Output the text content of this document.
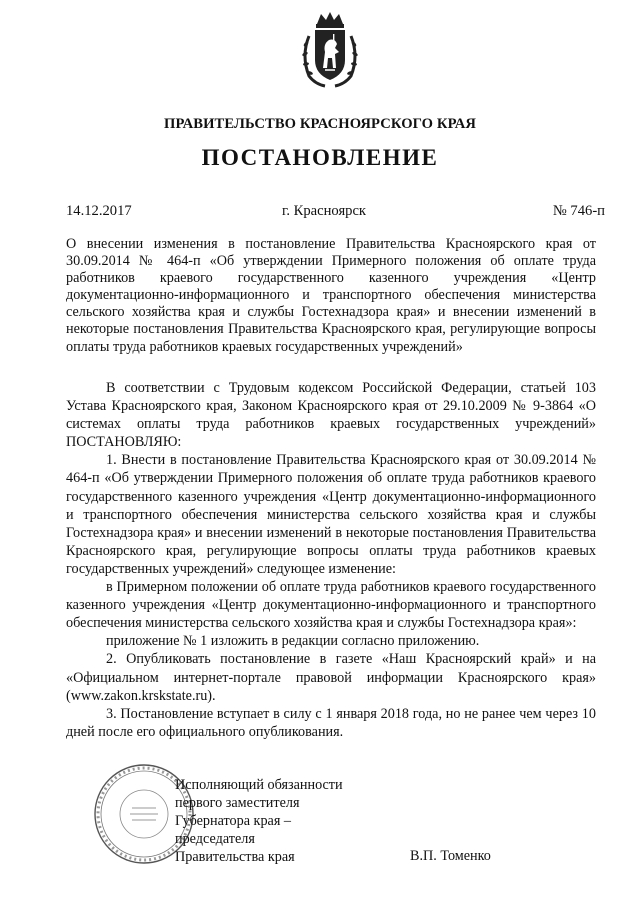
ПРАВИТЕЛЬСТВО КРАСНОЯРСКОГО КРАЯ
ПОСТАНОВЛЕНИЕ
14.12.2017	г. Красноярск	№ 746-п
О внесении изменения в постановление Правительства Красноярского края от 30.09.2014 № 464-п «Об утверждении Примерного положения об оплате труда работников краевого государственного казенного учреждения «Центр документационно-информационного и транспортного обеспечения министерства сельского хозяйства края и службы Гостехнадзора края» и внесении изменений в некоторые постановления Правительства Красноярского края, регулирующие вопросы оплаты труда работников краевых государственных учреждений»

В соответствии с Трудовым кодексом Российской Федерации, статьей 103 Устава Красноярского края, Законом Красноярского края от 29.10.2009 № 9-3864 «О системах оплаты труда работников краевых государственных учреждений» ПОСТАНОВЛЯЮ:

1. Внести в постановление Правительства Красноярского края от 30.09.2014 № 464-п «Об утверждении Примерного положения об оплате труда работников краевого государственного казенного учреждения «Центр документационно-информационного и транспортного обеспечения министерства сельского хозяйства края и службы Гостехнадзора края» и внесении изменений в некоторые постановления Правительства Красноярского края, регулирующие вопросы оплаты труда работников краевых государственных учреждений» следующее изменение:

в Примерном положении об оплате труда работников краевого государственного казенного учреждения «Центр документационно-информационного и транспортного обеспечения министерства сельского хозяйства края и службы Гостехнадзора края»:

приложение № 1 изложить в редакции согласно приложению.

2. Опубликовать постановление в газете «Наш Красноярский край» и на «Официальном интернет-портале правовой информации Красноярского края» (www.zakon.krskstate.ru).

3. Постановление вступает в силу с 1 января 2018 года, но не ранее чем через 10 дней после его официального опубликования.

Исполняющий обязанности
первого заместителя
Губернатора края –
председателя
Правительства края	В.П. Томенко
